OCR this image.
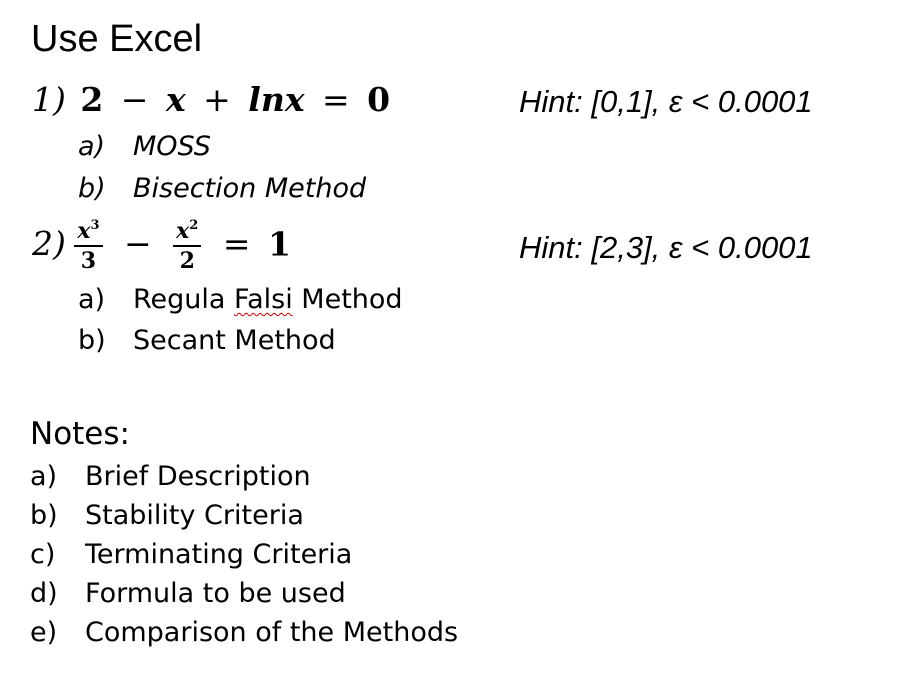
Use Excel
1) 2 − x + lnx = 0	Hint: [0,1], ε < 0.0001
a) MOSS
b) Bisection Method
$2) \frac{x^3}{3} - \frac{x^2}{2} = 1$	Hint: [2,3], ε < 0.0001
a) Regula Falsi Method
b) Secant Method
Notes:
a) Brief Description
b) Stability Criteria
c) Terminating Criteria
d) Formula to be used
e) Comparison of the Methods
